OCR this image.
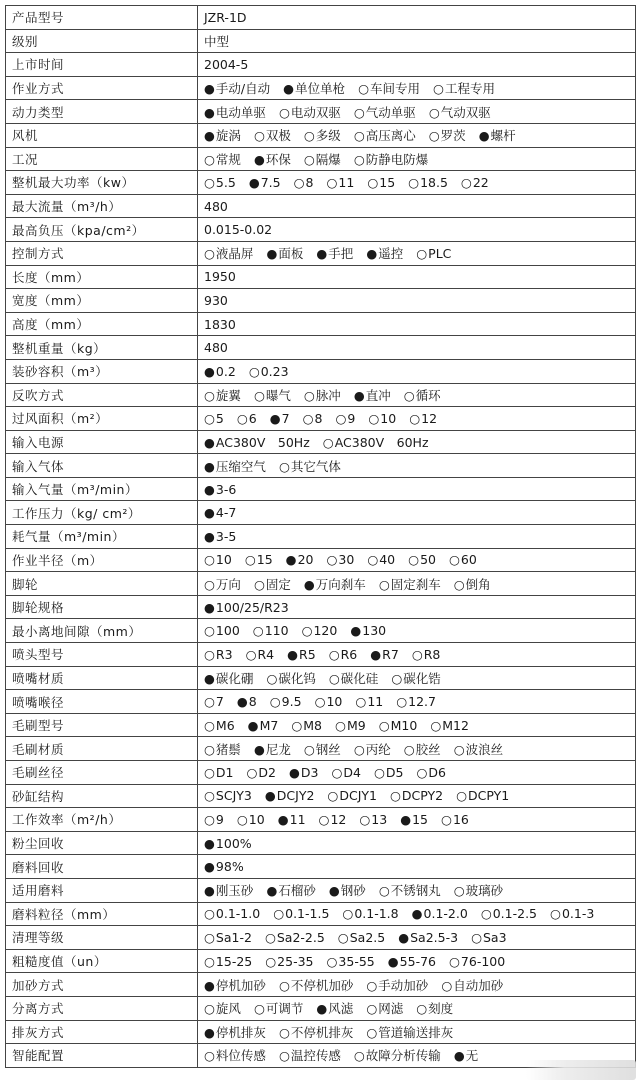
产品型号	JZR-1D
级别	中型
上市时间	2004-5
作业方式	●手动/自动 ●单位单枪 ○车间专用 ○工程专用
动力类型	●电动单驱 ○电动双驱 ○气动单驱 ○气动双驱
风机	●旋涡 ○双极 ○多级 ○高压离心 ○罗茨 ●螺杆
工况	○常规 ●环保 ○隔爆 ○防静电防爆
整机最大功率（kw）	○5.5 ●7.5 ○8 ○11 ○15 ○18.5 ○22
最大流量（m³/h）	480
最高负压（kpa/cm²）	0.015-0.02
控制方式	○液晶屏 ●面板 ●手把 ●遥控 ○PLC
长度（mm）	1950
宽度（mm）	930
高度（mm）	1830
整机重量（kg）	480
装砂容积（m³）	●0.2 ○0.23
反吹方式	○旋翼 ○曝气 ○脉冲 ●直冲 ○循环
过风面积（m²）	○5 ○6 ●7 ○8 ○9 ○10 ○12
输入电源	●AC380V　50Hz ○AC380V　60Hz
输入气体	●压缩空气 ○其它气体
输入气量（m³/min）	●3-6
工作压力（kg/ cm²）	●4-7
耗气量（m³/min）	●3-5
作业半径（m）	○10 ○15 ●20 ○30 ○40 ○50 ○60
脚轮	○万向 ○固定 ●万向刹车 ○固定刹车 ○倒角
脚轮规格	●100/25/R23
最小离地间隙（mm）	○100 ○110 ○120 ●130
喷头型号	○R3 ○R4 ●R5 ○R6 ●R7 ○R8
喷嘴材质	●碳化硼 ○碳化钨 ○碳化硅 ○碳化锆
喷嘴喉径	○7 ●8 ○9.5 ○10 ○11 ○12.7
毛刷型号	○M6 ●M7 ○M8 ○M9 ○M10 ○M12
毛刷材质	○猪鬃 ●尼龙 ○钢丝 ○丙纶 ○胶丝 ○波浪丝
毛刷丝径	○D1 ○D2 ●D3 ○D4 ○D5 ○D6
砂缸结构	○SCJY3 ●DCJY2 ○DCJY1 ○DCPY2 ○DCPY1
工作效率（m²/h）	○9 ○10 ●11 ○12 ○13 ●15 ○16
粉尘回收	●100%
磨料回收	●98%
适用磨料	●刚玉砂 ●石榴砂 ●钢砂 ○不锈钢丸 ○玻璃砂
磨料粒径（mm）	○0.1-1.0 ○0.1-1.5 ○0.1-1.8 ●0.1-2.0 ○0.1-2.5 ○0.1-3
清理等级	○Sa1-2 ○Sa2-2.5 ○Sa2.5 ●Sa2.5-3 ○Sa3
粗糙度值（un）	○15-25 ○25-35 ○35-55 ●55-76 ○76-100
加砂方式	●停机加砂 ○不停机加砂 ○手动加砂 ○自动加砂
分离方式	○旋风 ○可调节 ●风滤 ○网滤 ○刻度
排灰方式	●停机排灰 ○不停机排灰 ○管道输送排灰
智能配置	○料位传感 ○温控传感 ○故障分析传输 ●无
